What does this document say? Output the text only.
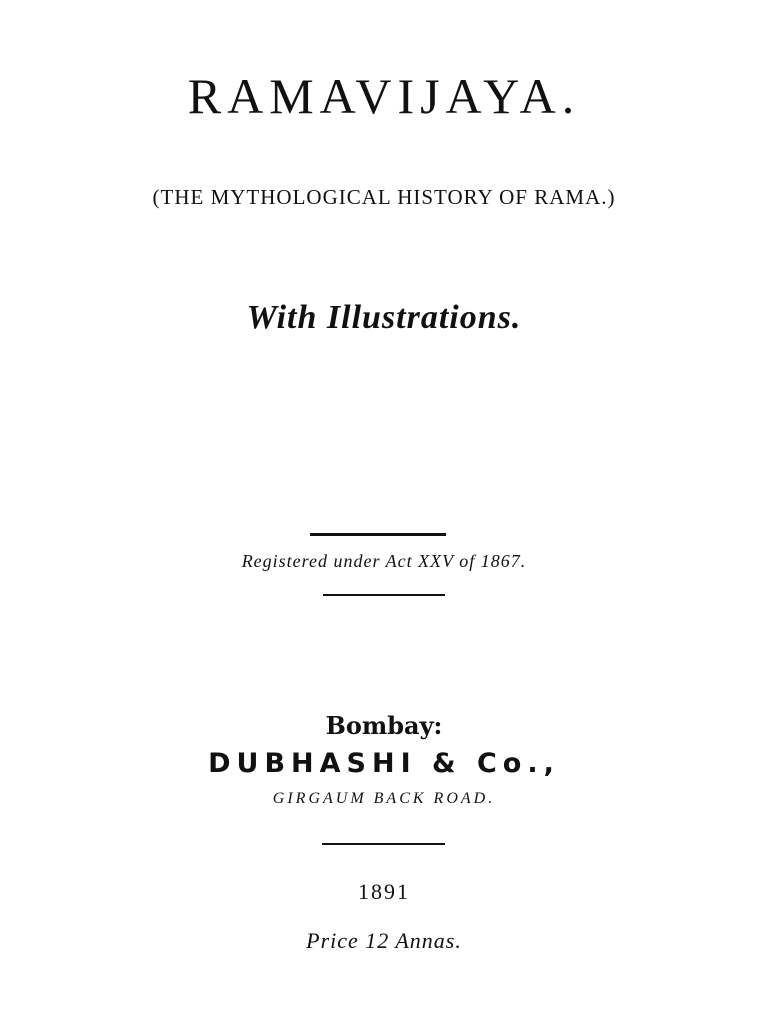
RAMAVIJAYA.
(THE MYTHOLOGICAL HISTORY OF RAMA.)
With Illustrations.
Registered under Act XXV of 1867.
Bombay:
DUBHASHI & Co.,
GIRGAUM BACK ROAD.
1891
Price 12 Annas.
